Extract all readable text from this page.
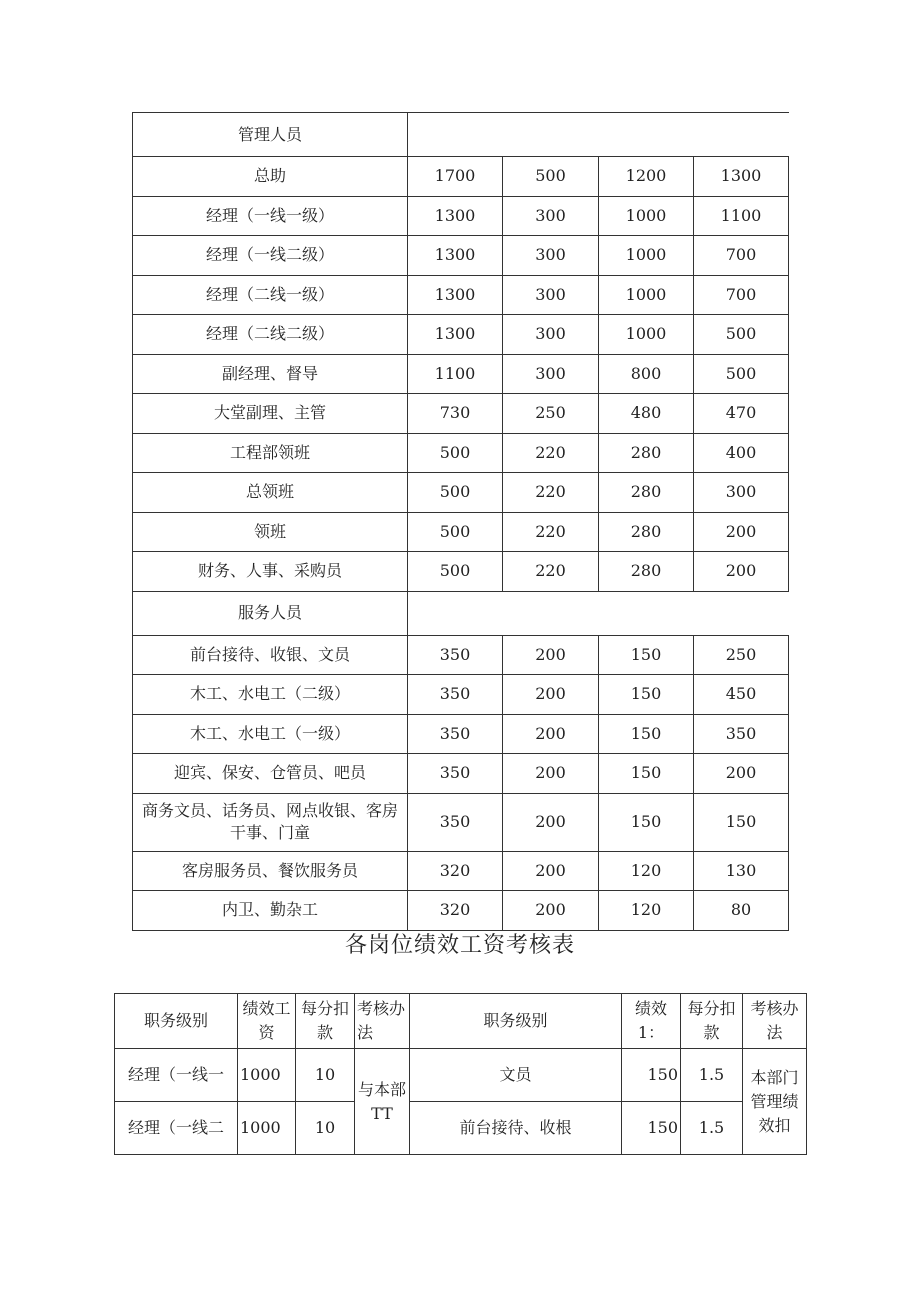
管理人员				
总助	1700	500	1200	1300
经理（一线一级）	1300	300	1000	1100
经理（一线二级）	1300	300	1000	700
经理（二线一级）	1300	300	1000	700
经理（二线二级）	1300	300	1000	500
副经理、督导	1100	300	800	500
大堂副理、主管	730	250	480	470
工程部领班	500	220	280	400
总领班	500	220	280	300
领班	500	220	280	200
财务、人事、采购员	500	220	280	200
服务人员				
前台接待、收银、文员	350	200	150	250
木工、水电工（二级）	350	200	150	450
木工、水电工（一级）	350	200	150	350
迎宾、保安、仓管员、吧员	350	200	150	200
商务文员、话务员、网点收银、客房干事、门童	350	200	150	150
客房服务员、餐饮服务员	320	200	120	130
内卫、勤杂工	320	200	120	80
各岗位绩效工资考核表
职务级别	绩效工资	每分扣款	考核办法	职务级别	绩效1：	每分扣款	考核办法
经理（一线一	1000	10	与本部TT	文员	150	1.5	本部门管理绩效扣
经理（一线二	1000	10		前台接待、收根	150	1.5	
